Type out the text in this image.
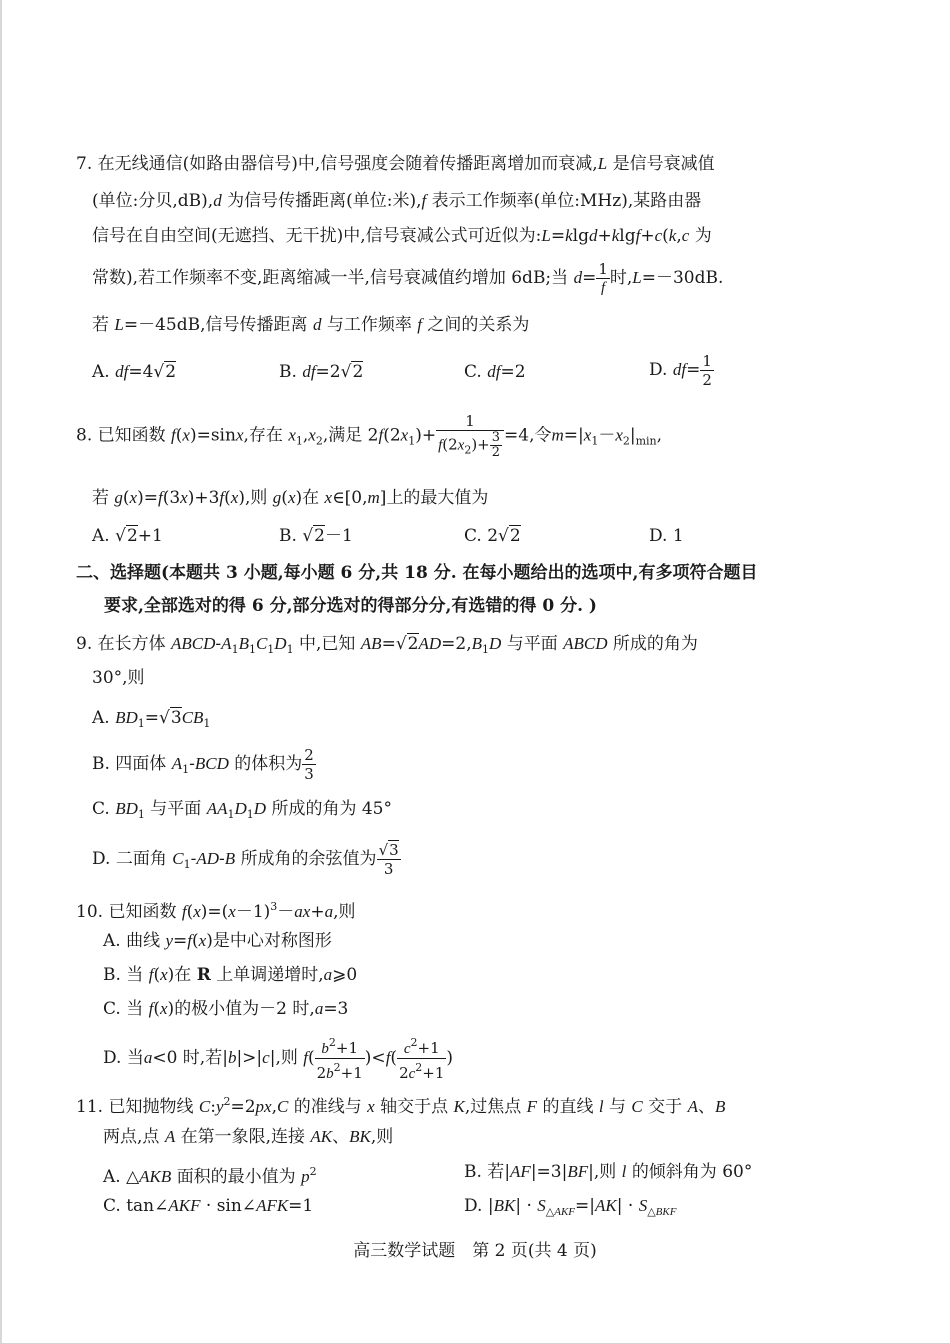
7. 在无线通信(如路由器信号)中,信号强度会随着传播距离增加而衰减,L 是信号衰减值
(单位:分贝,dB),d 为信号传播距离(单位:米),f 表示工作频率(单位:MHz),某路由器
信号在自由空间(无遮挡、无干扰)中,信号衰减公式可近似为:L=klgd+klgf+c(k,c 为
常数),若工作频率不变,距离缩减一半,信号衰减值约增加 6dB;当 $d= \frac{1}{f}$ 时,L=－30dB.
若 L=－45dB,信号传播距离 d 与工作频率 f 之间的关系为
A. df=4√2	B. df=2√2	C. df=2	D. $df= \frac{1}{2}$
8. 已知函数 f(x)=sinx,存在 $x_1,x_2$,满足 $2f(2x_1)+ \frac{1}{f(2x_2)+ \frac{3}{2}} =4$,令$m=|x_1-x_2|_{min}$,
若 g(x)=f(3x)+3f(x),则 g(x)在 x∈[0,m]上的最大值为
A. √2+1	B. √2－1	C. 2√2	D. 1
二、选择题(本题共 3 小题,每小题 6 分,共 18 分. 在每小题给出的选项中,有多项符合题目
要求,全部选对的得 6 分,部分选对的得部分分,有选错的得 0 分. )
9. 在长方体 ABCD-$A_1B_1C_1D_1$ 中,已知 $AB=√2AD=2,B_1D$ 与平面 ABCD 所成的角为
30°,则
A. $BD_1=√3CB_1$
B. 四面体 $A_1$-BCD 的体积为 $\frac{2}{3}$
C. $BD_1$ 与平面 $AA_1D_1D$ 所成的角为 45°
D. 二面角 $C_1-AD-B$ 所成角的余弦值为 $\frac{√3}{3}$
10. 已知函数 $f(x)=(x-1)^3-ax+a$,则
A. 曲线 y=f(x)是中心对称图形
B. 当 f(x)在 R 上单调递增时,a⩾0
C. 当 f(x)的极小值为－2 时,a=3
D. 当a<0 时,若|b|>|c|,则 $f( \frac{b^2+1}{2b^2+1} )<f( \frac{c^2+1}{2c^2+1}$ )
11. 已知抛物线 $C:y^2=2px,C$ 的准线与 x 轴交于点 K,过焦点 F 的直线 l 与 C 交于 A、B
两点,点 A 在第一象限,连接 AK、BK,则
A. △AKB 面积的最小值为 $p^2$	B. 若|AF|=3|BF|,则 l 的倾斜角为 60°
C. tan∠AKF · sin∠AFK=1	D. $|BK| \cdot S_{\triangle AKF}=|AK| \cdot S_{\triangle BKF}$
高三数学试题　第 2 页(共 4 页)
